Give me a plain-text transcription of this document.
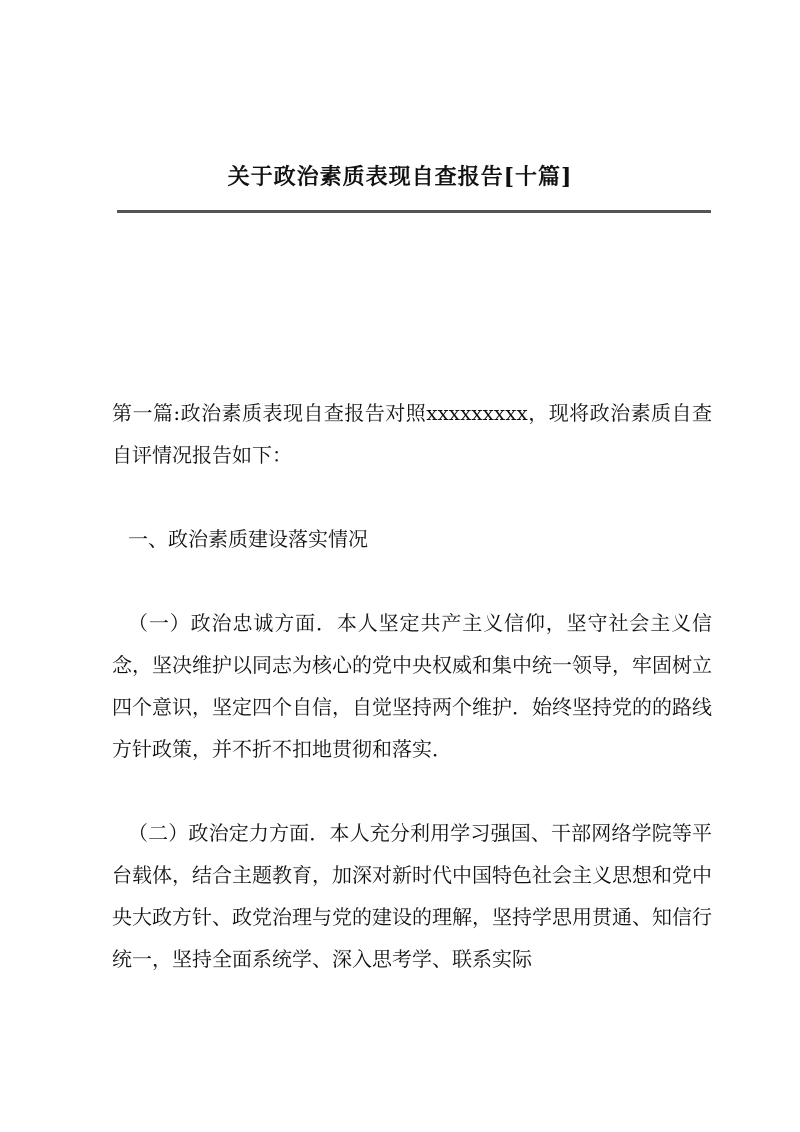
关于政治素质表现自查报告[十篇]

第一篇:政治素质表现自查报告对照xxxxxxxxx，现将政治素质自查自评情况报告如下：

一、政治素质建设落实情况

（一）政治忠诚方面．本人坚定共产主义信仰，坚守社会主义信念，坚决维护以同志为核心的党中央权威和集中统一领导，牢固树立四个意识，坚定四个自信，自觉坚持两个维护．始终坚持党的的路线方针政策，并不折不扣地贯彻和落实．

（二）政治定力方面．本人充分利用学习强国、干部网络学院等平台载体，结合主题教育，加深对新时代中国特色社会主义思想和党中央大政方针、政党治理与党的建设的理解，坚持学思用贯通、知信行统一，坚持全面系统学、深入思考学、联系实际
